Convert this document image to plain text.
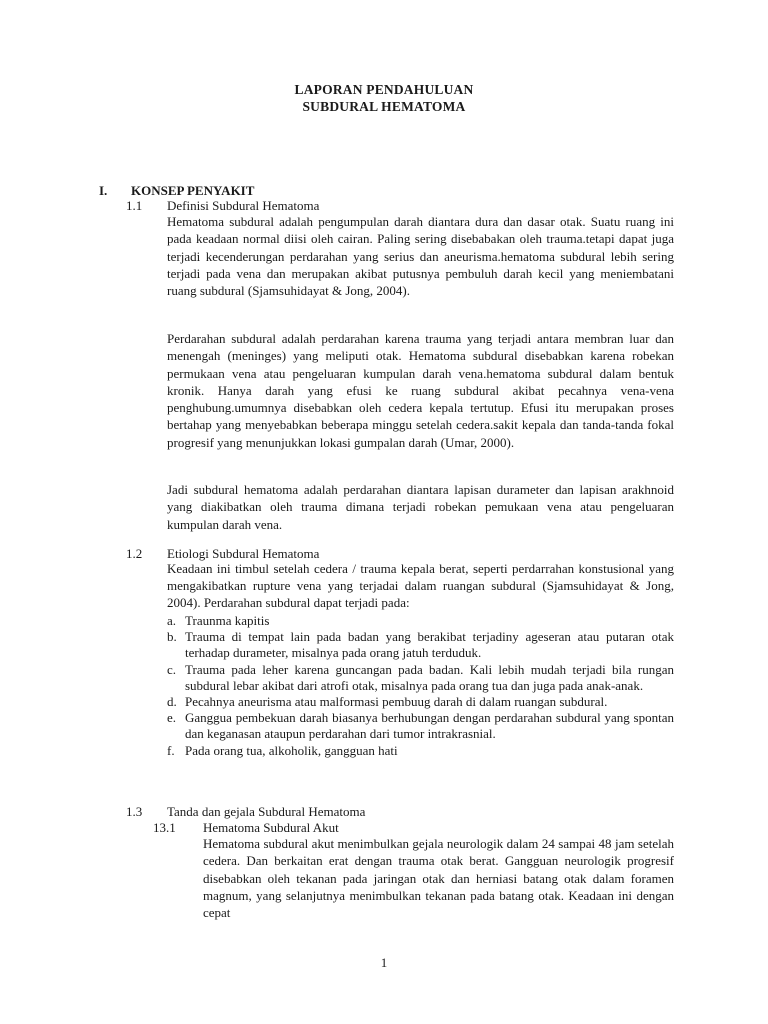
LAPORAN PENDAHULUAN
SUBDURAL HEMATOMA
I. KONSEP PENYAKIT
1.1 Definisi Subdural Hematoma
Hematoma subdural adalah pengumpulan darah diantara dura dan dasar otak. Suatu ruang ini pada keadaan normal diisi oleh cairan. Paling sering disebabakan oleh trauma.tetapi dapat juga terjadi kecenderungan perdarahan yang serius dan aneurisma.hematoma subdural lebih sering terjadi pada vena dan merupakan akibat putusnya pembuluh darah kecil yang meniembatani ruang subdural (Sjamsuhidayat & Jong, 2004).
Perdarahan subdural adalah perdarahan karena trauma yang terjadi antara membran luar dan menengah (meninges) yang meliputi otak. Hematoma subdural disebabkan karena robekan permukaan vena atau pengeluaran kumpulan darah vena.hematoma subdural dalam bentuk kronik. Hanya darah yang efusi ke ruang subdural akibat pecahnya vena-vena penghubung.umumnya disebabkan oleh cedera kepala tertutup. Efusi itu merupakan proses bertahap yang menyebabkan beberapa minggu setelah cedera.sakit kepala dan tanda-tanda fokal progresif yang menunjukkan lokasi gumpalan darah (Umar, 2000).
Jadi subdural hematoma adalah perdarahan diantara lapisan durameter dan lapisan arakhnoid yang diakibatkan oleh trauma dimana terjadi robekan pemukaan vena atau pengeluaran kumpulan darah vena.
1.2 Etiologi Subdural Hematoma
Keadaan ini timbul setelah cedera / trauma kepala berat, seperti perdarrahan konstusional yang mengakibatkan rupture vena yang terjadai dalam ruangan subdural (Sjamsuhidayat & Jong, 2004). Perdarahan subdural dapat terjadi pada:
a. Traunma kapitis
b. Trauma di tempat lain pada badan yang berakibat terjadiny ageseran atau putaran otak terhadap durameter, misalnya pada orang jatuh terduduk.
c. Trauma pada leher karena guncangan pada badan. Kali lebih mudah terjadi bila rungan subdural lebar akibat dari atrofi otak, misalnya pada orang tua dan juga pada anak-anak.
d. Pecahnya aneurisma atau malformasi pembuug darah di dalam ruangan subdural.
e. Ganggua pembekuan darah biasanya berhubungan dengan perdarahan subdural yang spontan dan keganasan ataupun perdarahan dari tumor intrakrasnial.
f. Pada orang tua, alkoholik, gangguan hati
1.3 Tanda dan gejala Subdural Hematoma
13.1 Hematoma Subdural Akut
Hematoma subdural akut menimbulkan gejala neurologik dalam 24 sampai 48 jam setelah cedera. Dan berkaitan erat dengan trauma otak berat. Gangguan neurologik progresif disebabkan oleh tekanan pada jaringan otak dan herniasi batang otak dalam foramen magnum, yang selanjutnya menimbulkan tekanan pada batang otak. Keadaan ini dengan cepat
1
